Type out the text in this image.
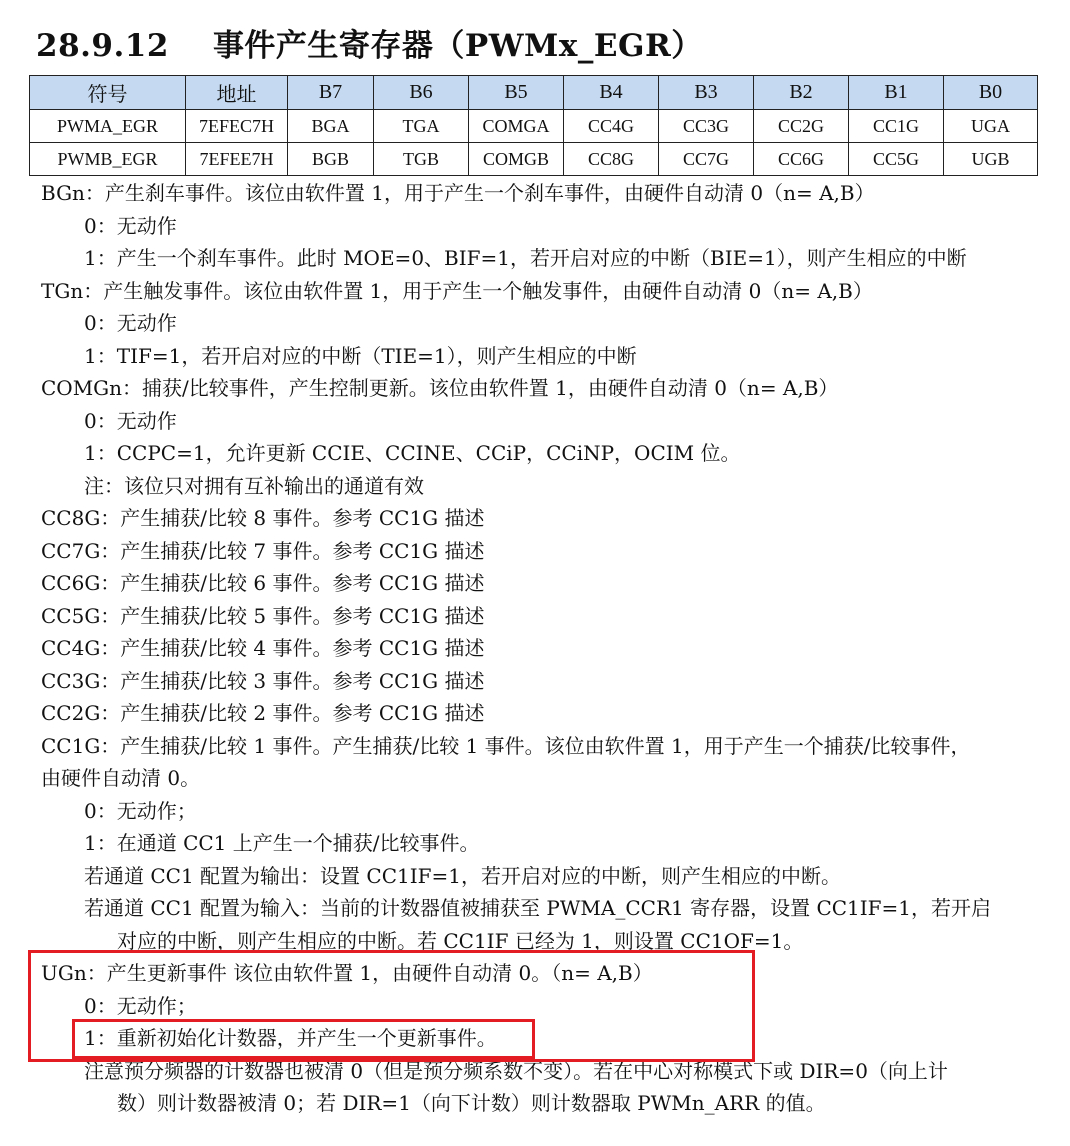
28.9.12 事件产生寄存器（PWMx_EGR）
符号	地址	B7	B6	B5	B4	B3	B2	B1	B0
PWMA_EGR	7EFEC7H	BGA	TGA	COMGA	CC4G	CC3G	CC2G	CC1G	UGA
PWMB_EGR	7EFEE7H	BGB	TGB	COMGB	CC8G	CC7G	CC6G	CC5G	UGB
BGn：产生刹车事件。该位由软件置 1，用于产生一个刹车事件，由硬件自动清 0（n= A,B）
0：无动作
1：产生一个刹车事件。此时 MOE=0、BIF=1，若开启对应的中断（BIE=1），则产生相应的中断
TGn：产生触发事件。该位由软件置 1，用于产生一个触发事件，由硬件自动清 0（n= A,B）
0：无动作
1：TIF=1，若开启对应的中断（TIE=1），则产生相应的中断
COMGn：捕获/比较事件，产生控制更新。该位由软件置 1，由硬件自动清 0（n= A,B）
0：无动作
1：CCPC=1，允许更新 CCIE、CCINE、CCiP，CCiNP，OCIM 位。
注：该位只对拥有互补输出的通道有效
CC8G：产生捕获/比较 8 事件。参考 CC1G 描述
CC7G：产生捕获/比较 7 事件。参考 CC1G 描述
CC6G：产生捕获/比较 6 事件。参考 CC1G 描述
CC5G：产生捕获/比较 5 事件。参考 CC1G 描述
CC4G：产生捕获/比较 4 事件。参考 CC1G 描述
CC3G：产生捕获/比较 3 事件。参考 CC1G 描述
CC2G：产生捕获/比较 2 事件。参考 CC1G 描述
CC1G：产生捕获/比较 1 事件。产生捕获/比较 1 事件。该位由软件置 1，用于产生一个捕获/比较事件，
由硬件自动清 0。
0：无动作；
1：在通道 CC1 上产生一个捕获/比较事件。
若通道 CC1 配置为输出：设置 CC1IF=1，若开启对应的中断，则产生相应的中断。
若通道 CC1 配置为输入：当前的计数器值被捕获至 PWMA_CCR1 寄存器，设置 CC1IF=1，若开启
对应的中断，则产生相应的中断。若 CC1IF 已经为 1，则设置 CC1OF=1。
UGn：产生更新事件 该位由软件置 1，由硬件自动清 0。（n= A,B）
0：无动作；
1：重新初始化计数器，并产生一个更新事件。
注意预分频器的计数器也被清 0（但是预分频系数不变）。若在中心对称模式下或 DIR=0（向上计
数）则计数器被清 0；若 DIR=1（向下计数）则计数器取 PWMn_ARR 的值。
